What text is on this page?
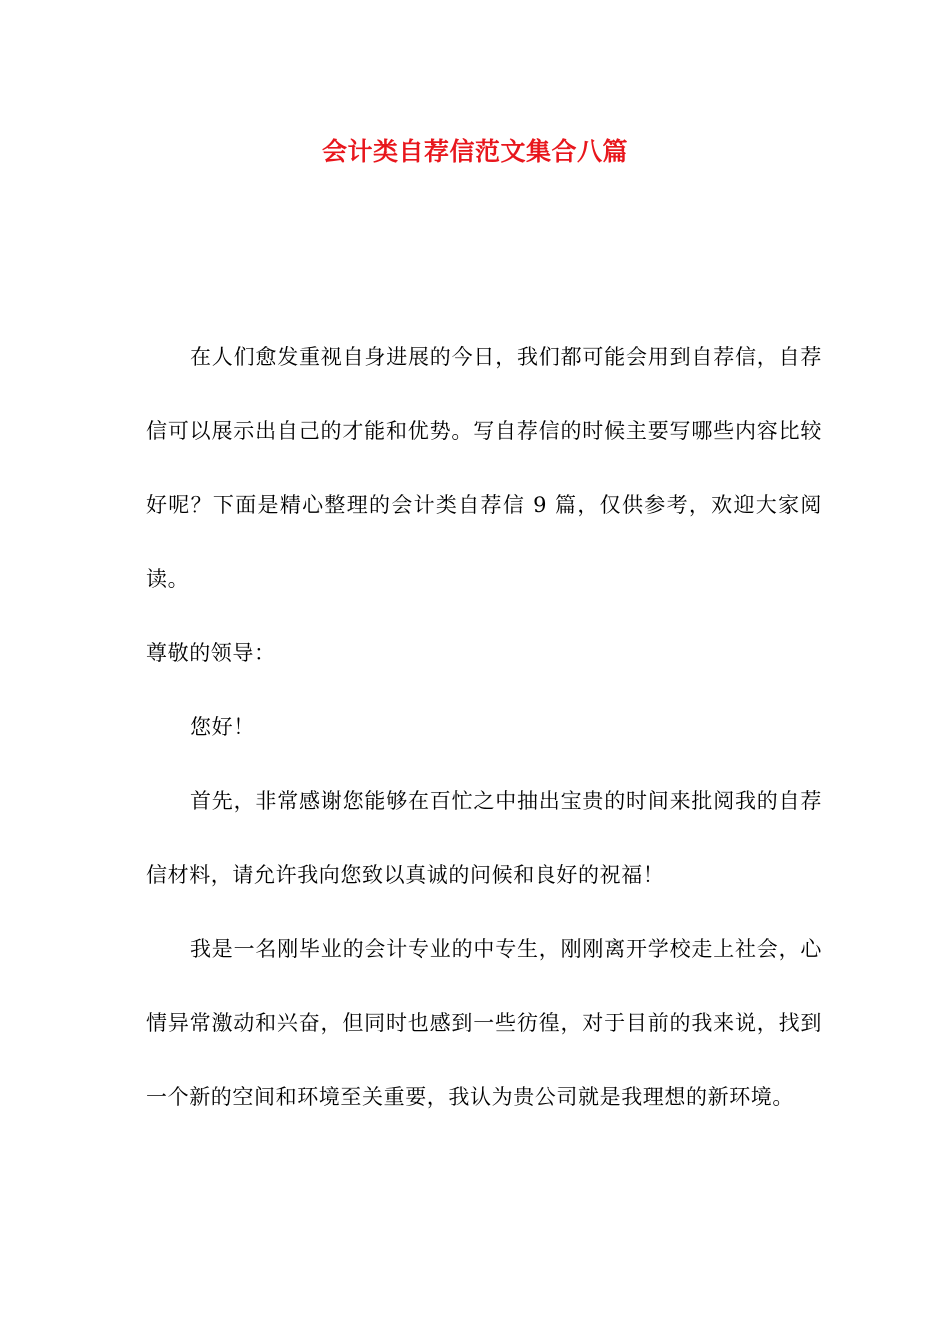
会计类自荐信范文集合八篇

在人们愈发重视自身进展的今日，我们都可能会用到自荐信，自荐信可以展示出自己的才能和优势。写自荐信的时候主要写哪些内容比较好呢？下面是精心整理的会计类自荐信 9 篇，仅供参考，欢迎大家阅读。

尊敬的领导：

您好！

首先，非常感谢您能够在百忙之中抽出宝贵的时间来批阅我的自荐信材料，请允许我向您致以真诚的问候和良好的祝福！

我是一名刚毕业的会计专业的中专生，刚刚离开学校走上社会，心情异常激动和兴奋，但同时也感到一些彷徨，对于目前的我来说，找到一个新的空间和环境至关重要，我认为贵公司就是我理想的新环境。
